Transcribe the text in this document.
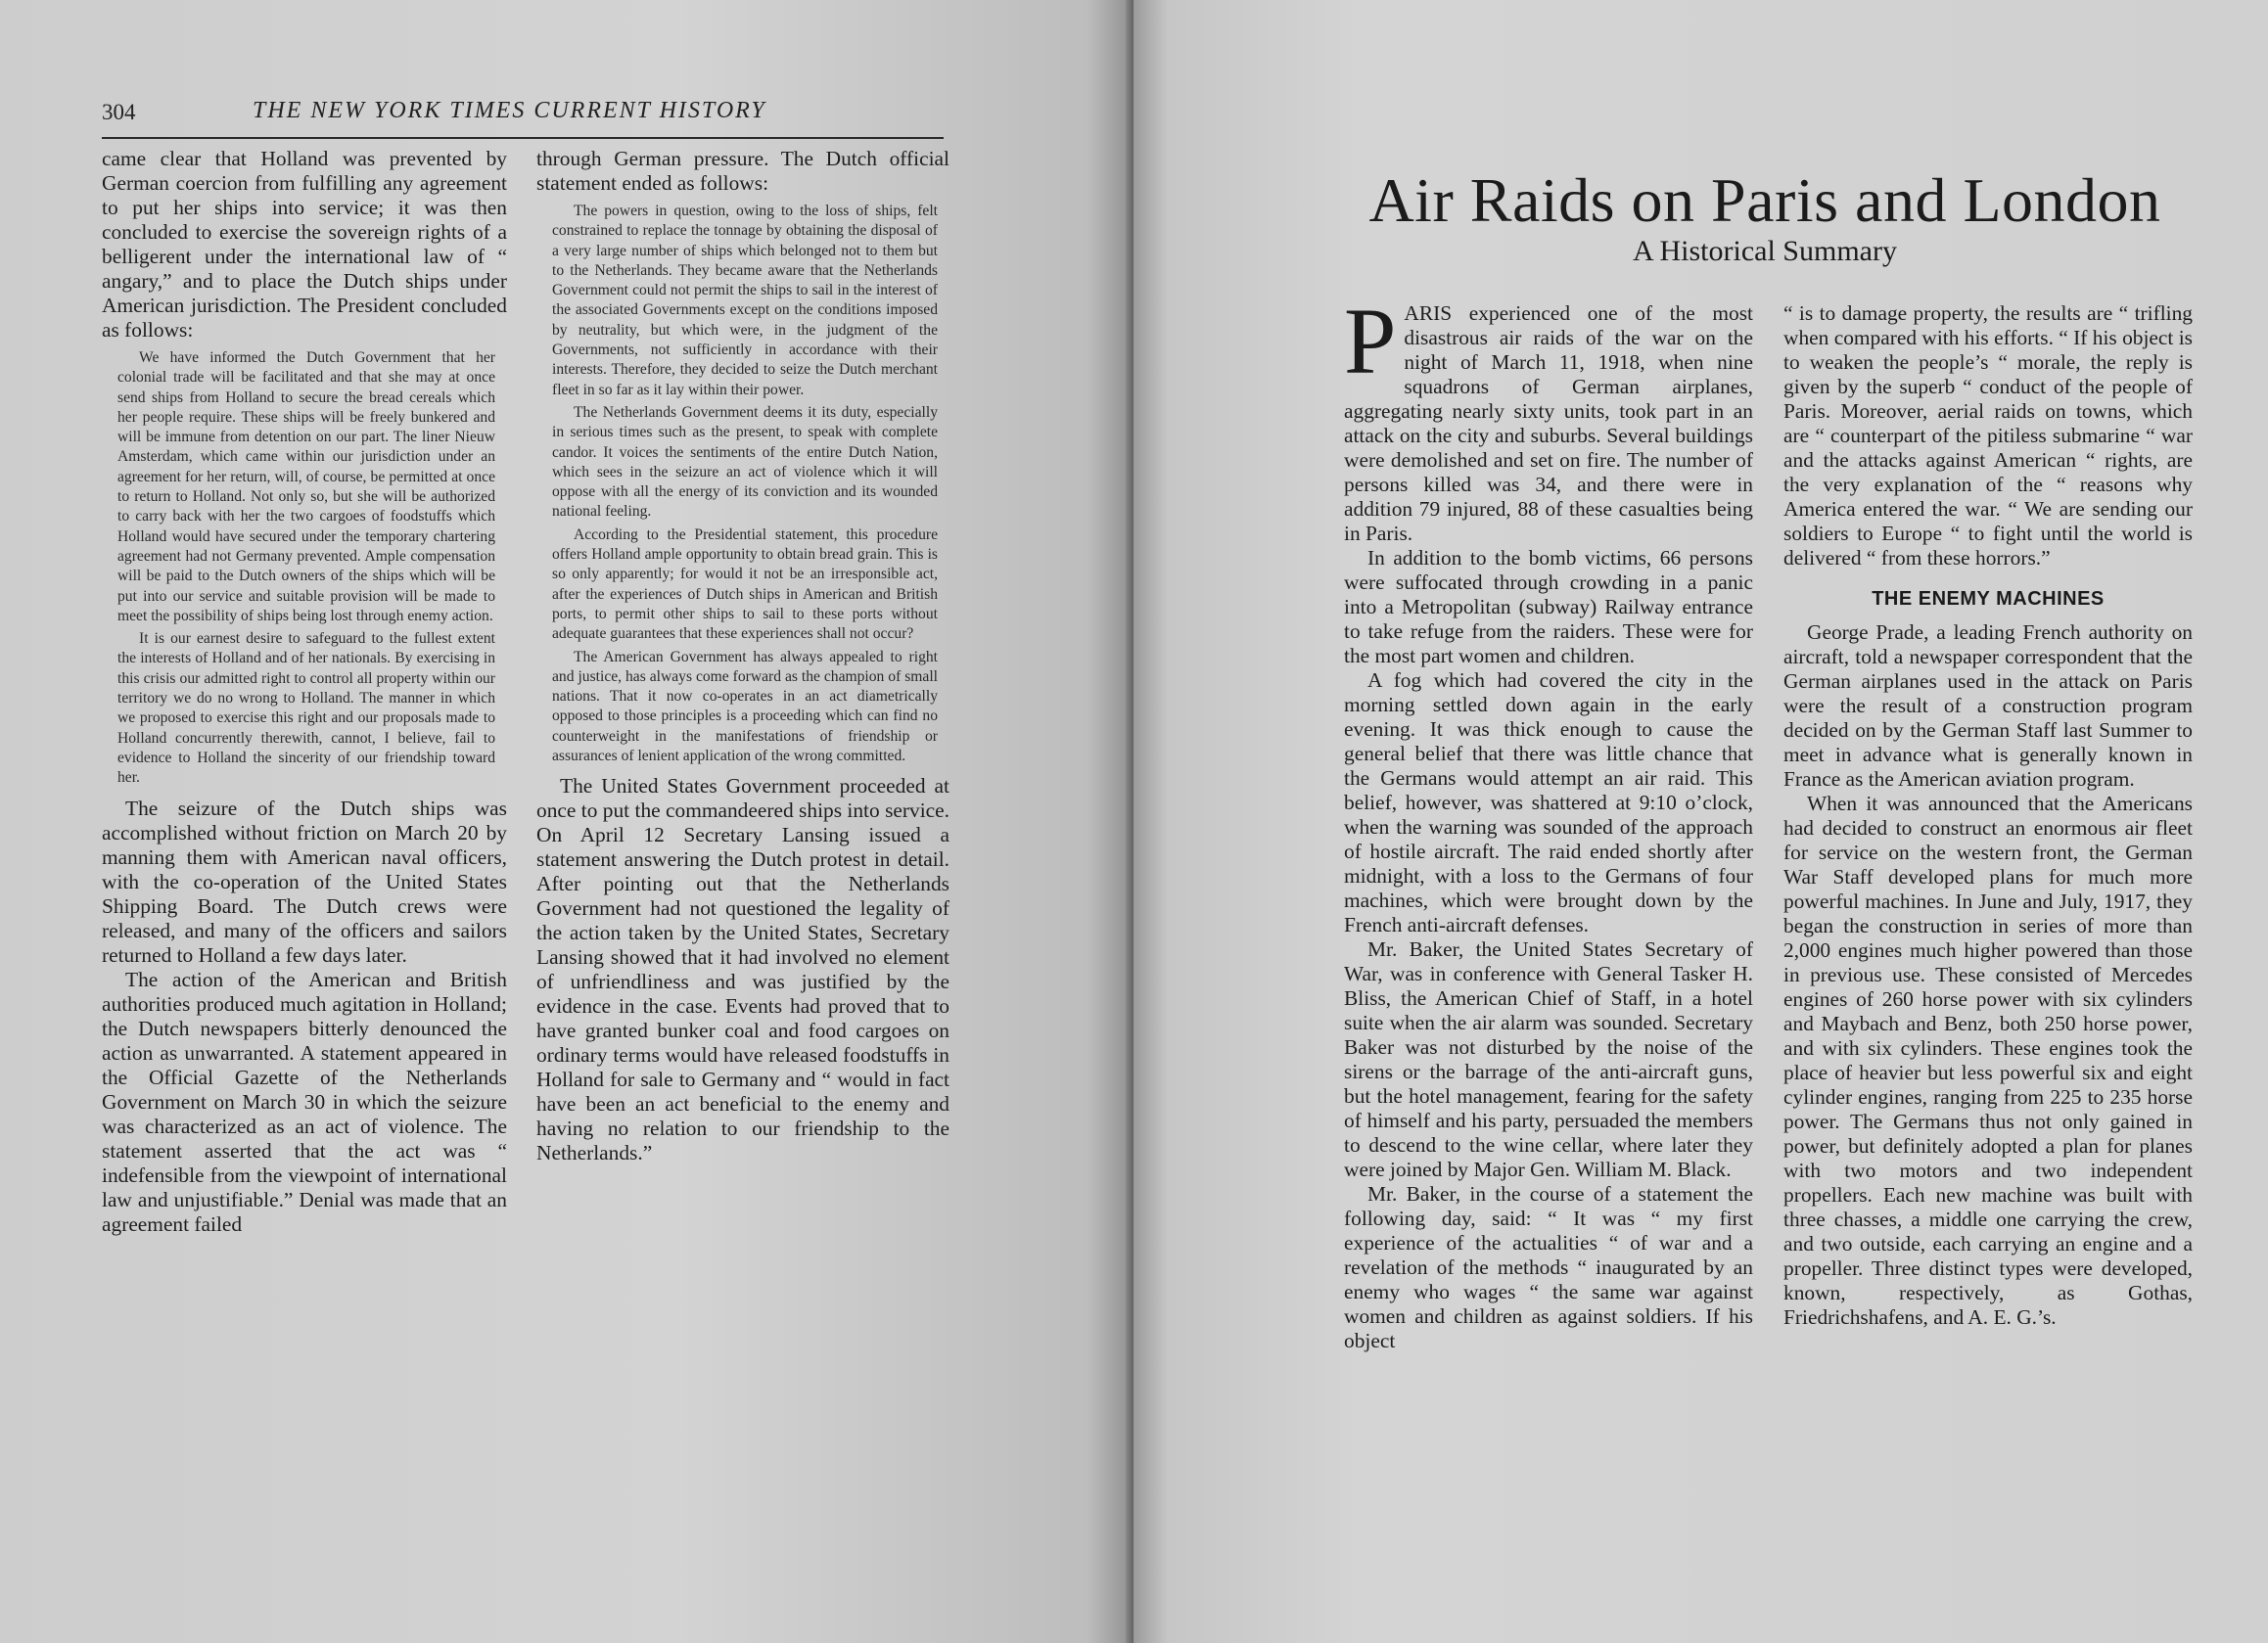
304	THE NEW YORK TIMES CURRENT HISTORY

came clear that Holland was prevented by German coercion from fulfilling any agreement to put her ships into service; it was then concluded to exercise the sovereign rights of a belligerent under the international law of “ angary,” and to place the Dutch ships under American jurisdiction. The President concluded as follows:

We have informed the Dutch Government that her colonial trade will be facilitated and that she may at once send ships from Holland to secure the bread cereals which her people require. These ships will be freely bunkered and will be immune from detention on our part. The liner Nieuw Amsterdam, which came within our jurisdiction under an agreement for her return, will, of course, be permitted at once to return to Holland. Not only so, but she will be authorized to carry back with her the two cargoes of foodstuffs which Holland would have secured under the temporary chartering agreement had not Germany prevented. Ample compensation will be paid to the Dutch owners of the ships which will be put into our service and suitable provision will be made to meet the possibility of ships being lost through enemy action.

It is our earnest desire to safeguard to the fullest extent the interests of Holland and of her nationals. By exercising in this crisis our admitted right to control all property within our territory we do no wrong to Holland. The manner in which we proposed to exercise this right and our proposals made to Holland concurrently therewith, cannot, I believe, fail to evidence to Holland the sincerity of our friendship toward her.

The seizure of the Dutch ships was accomplished without friction on March 20 by manning them with American naval officers, with the co-operation of the United States Shipping Board. The Dutch crews were released, and many of the officers and sailors returned to Holland a few days later.

The action of the American and British authorities produced much agitation in Holland; the Dutch newspapers bitterly denounced the action as unwarranted. A statement appeared in the Official Gazette of the Netherlands Government on March 30 in which the seizure was characterized as an act of violence. The statement asserted that the act was “ indefensible from the viewpoint of international law and unjustifiable.” Denial was made that an agreement failed

through German pressure. The Dutch official statement ended as follows:

The powers in question, owing to the loss of ships, felt constrained to replace the tonnage by obtaining the disposal of a very large number of ships which belonged not to them but to the Netherlands. They became aware that the Netherlands Government could not permit the ships to sail in the interest of the associated Governments except on the conditions imposed by neutrality, but which were, in the judgment of the Governments, not sufficiently in accordance with their interests. Therefore, they decided to seize the Dutch merchant fleet in so far as it lay within their power.

The Netherlands Government deems it its duty, especially in serious times such as the present, to speak with complete candor. It voices the sentiments of the entire Dutch Nation, which sees in the seizure an act of violence which it will oppose with all the energy of its conviction and its wounded national feeling.

According to the Presidential statement, this procedure offers Holland ample opportunity to obtain bread grain. This is so only apparently; for would it not be an irresponsible act, after the experiences of Dutch ships in American and British ports, to permit other ships to sail to these ports without adequate guarantees that these experiences shall not occur?

The American Government has always appealed to right and justice, has always come forward as the champion of small nations. That it now co-operates in an act diametrically opposed to those principles is a proceeding which can find no counterweight in the manifestations of friendship or assurances of lenient application of the wrong committed.

The United States Government proceeded at once to put the commandeered ships into service. On April 12 Secretary Lansing issued a statement answering the Dutch protest in detail. After pointing out that the Netherlands Government had not questioned the legality of the action taken by the United States, Secretary Lansing showed that it had involved no element of unfriendliness and was justified by the evidence in the case. Events had proved that to have granted bunker coal and food cargoes on ordinary terms would have released foodstuffs in Holland for sale to Germany and “ would in fact have been an act beneficial to the enemy and having no relation to our friendship to the Netherlands.”

Air Raids on Paris and London
A Historical Summary

PARIS experienced one of the most disastrous air raids of the war on the night of March 11, 1918, when nine squadrons of German airplanes, aggregating nearly sixty units, took part in an attack on the city and suburbs. Several buildings were demolished and set on fire. The number of persons killed was 34, and there were in addition 79 injured, 88 of these casualties being in Paris.

In addition to the bomb victims, 66 persons were suffocated through crowding in a panic into a Metropolitan (subway) Railway entrance to take refuge from the raiders. These were for the most part women and children.

A fog which had covered the city in the morning settled down again in the early evening. It was thick enough to cause the general belief that there was little chance that the Germans would attempt an air raid. This belief, however, was shattered at 9:10 o’clock, when the warning was sounded of the approach of hostile aircraft. The raid ended shortly after midnight, with a loss to the Germans of four machines, which were brought down by the French anti-aircraft defenses.

Mr. Baker, the United States Secretary of War, was in conference with General Tasker H. Bliss, the American Chief of Staff, in a hotel suite when the air alarm was sounded. Secretary Baker was not disturbed by the noise of the sirens or the barrage of the anti-aircraft guns, but the hotel management, fearing for the safety of himself and his party, persuaded the members to descend to the wine cellar, where later they were joined by Major Gen. William M. Black.

Mr. Baker, in the course of a statement the following day, said: “ It was “ my first experience of the actualities “ of war and a revelation of the methods “ inaugurated by an enemy who wages “ the same war against women and children as against soldiers. If his object

“ is to damage property, the results are “ trifling when compared with his efforts. “ If his object is to weaken the people’s “ morale, the reply is given by the superb “ conduct of the people of Paris. Moreover, aerial raids on towns, which are “ counterpart of the pitiless submarine “ war and the attacks against American “ rights, are the very explanation of the “ reasons why America entered the war. “ We are sending our soldiers to Europe “ to fight until the world is delivered “ from these horrors.”

THE ENEMY MACHINES

George Prade, a leading French authority on aircraft, told a newspaper correspondent that the German airplanes used in the attack on Paris were the result of a construction program decided on by the German Staff last Summer to meet in advance what is generally known in France as the American aviation program.

When it was announced that the Americans had decided to construct an enormous air fleet for service on the western front, the German War Staff developed plans for much more powerful machines. In June and July, 1917, they began the construction in series of more than 2,000 engines much higher powered than those in previous use. These consisted of Mercedes engines of 260 horse power with six cylinders and Maybach and Benz, both 250 horse power, and with six cylinders. These engines took the place of heavier but less powerful six and eight cylinder engines, ranging from 225 to 235 horse power. The Germans thus not only gained in power, but definitely adopted a plan for planes with two motors and two independent propellers. Each new machine was built with three chasses, a middle one carrying the crew, and two outside, each carrying an engine and a propeller. Three distinct types were developed, known, respectively, as Gothas, Friedrichshafens, and A. E. G.’s.
